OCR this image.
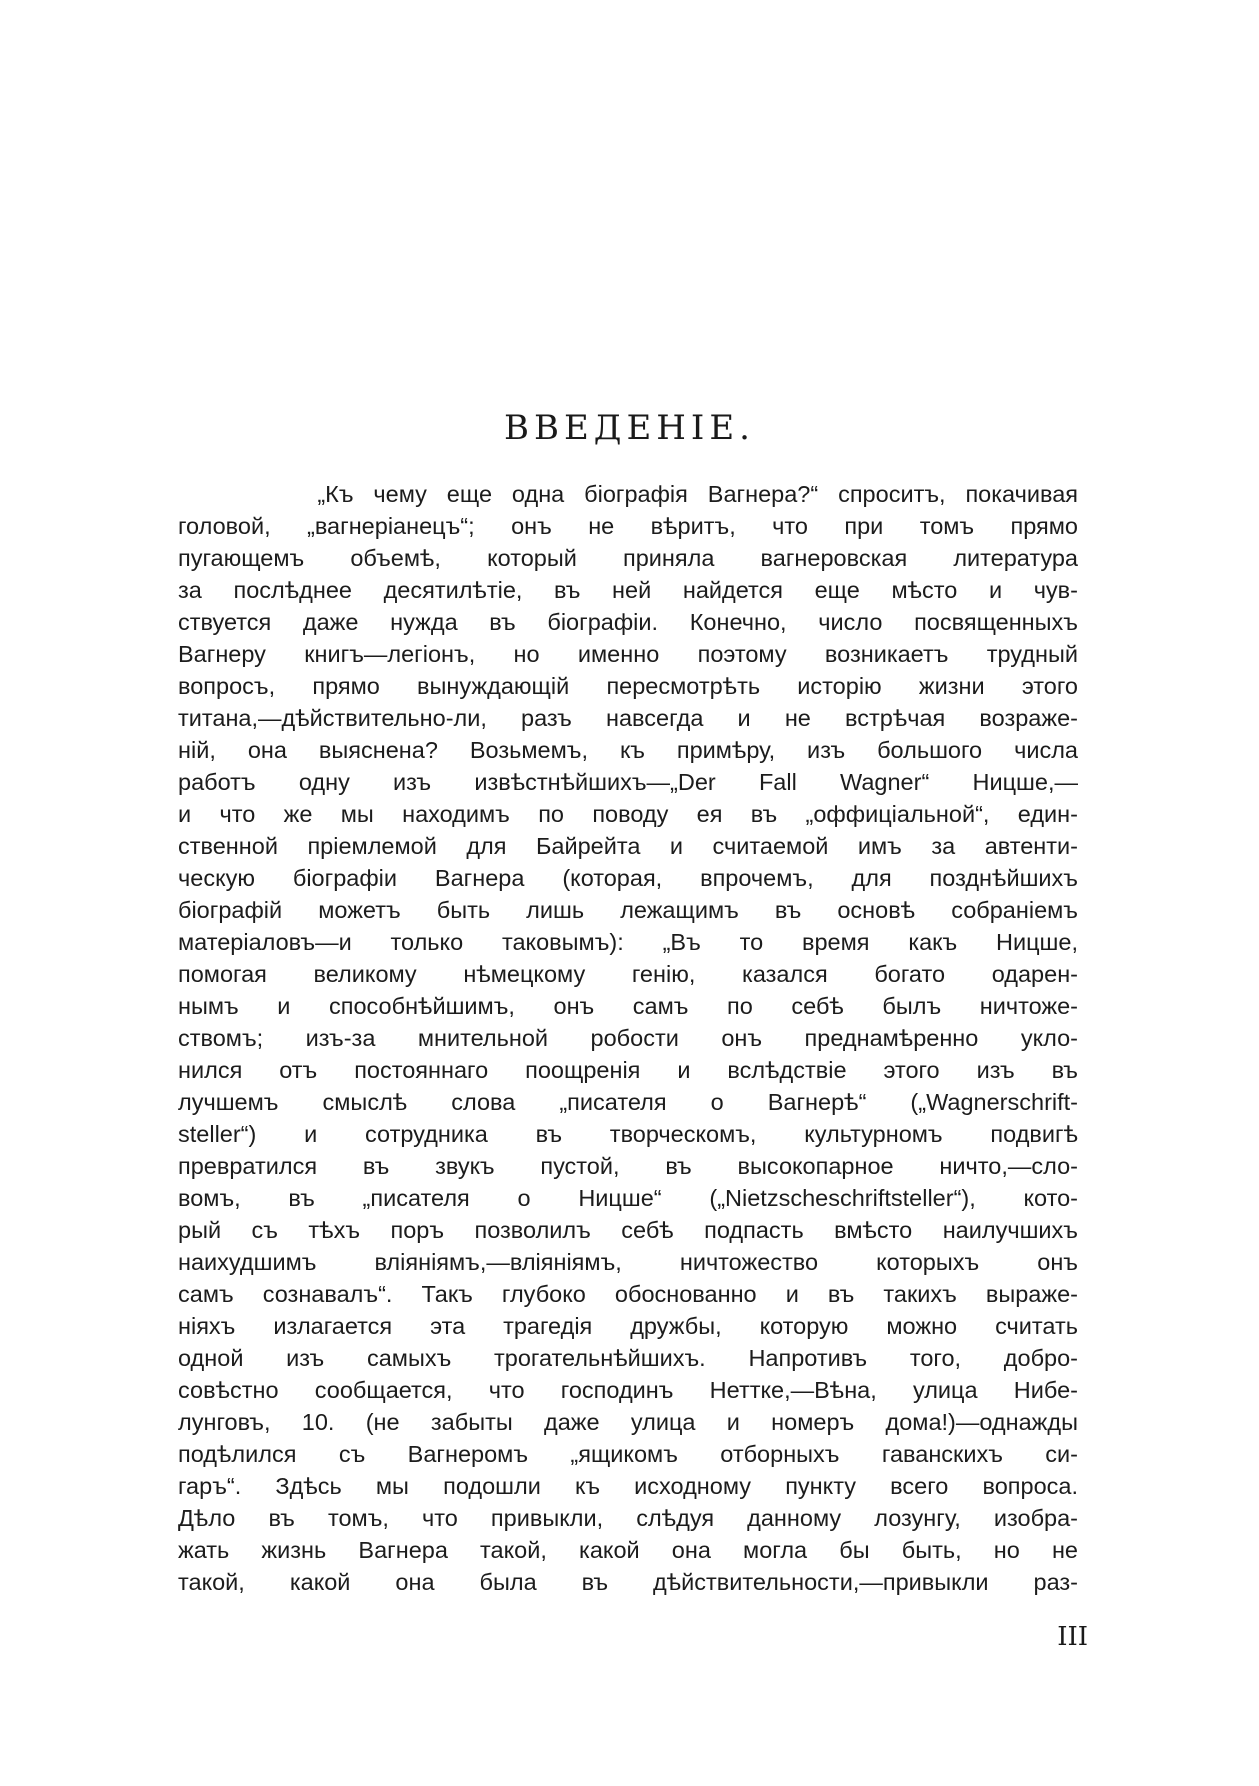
ВВЕДЕНІЕ.
„Къ чему еще одна біографія Вагнера?“ спроситъ, покачивая
головой, „вагнеріанецъ“; онъ не вѣритъ, что при томъ прямо
пугающемъ объемѣ, который приняла вагнеровская литература
за послѣднее десятилѣтіе, въ ней найдется еще мѣсто и чув-
ствуется даже нужда въ біографіи. Конечно, число посвященныхъ
Вагнеру книгъ—легіонъ, но именно поэтому возникаетъ трудный
вопросъ, прямо вынуждающій пересмотрѣть исторію жизни этого
титана,—дѣйствительно-ли, разъ навсегда и не встрѣчая возраже-
ній, она выяснена? Возьмемъ, къ примѣру, изъ большого числа
работъ одну изъ извѣстнѣйшихъ—„Der Fall Wagner“ Ницше,—
и что же мы находимъ по поводу ея въ „оффиціальной“, един-
ственной пріемлемой для Байрейта и считаемой имъ за автенти-
ческую біографіи Вагнера (которая, впрочемъ, для позднѣйшихъ
біографій можетъ быть лишь лежащимъ въ основѣ собраніемъ
матеріаловъ—и только таковымъ): „Въ то время какъ Ницше,
помогая великому нѣмецкому генію, казался богато одарен-
нымъ и способнѣйшимъ, онъ самъ по себѣ былъ ничтоже-
ствомъ; изъ-за мнительной робости онъ преднамѣренно укло-
нился отъ постояннаго поощренія и вслѣдствіе этого изъ въ
лучшемъ смыслѣ слова „писателя о Вагнерѣ“ („Wagnerschrift-
steller“) и сотрудника въ творческомъ, культурномъ подвигѣ
превратился въ звукъ пустой, въ высокопарное ничто,—сло-
вомъ, въ „писателя о Ницше“ („Nietzscheschriftsteller“), кото-
рый съ тѣхъ поръ позволилъ себѣ подпасть вмѣсто наилучшихъ
наихудшимъ вліяніямъ,—вліяніямъ, ничтожество которыхъ онъ
самъ сознавалъ“. Такъ глубоко обоснованно и въ такихъ выраже-
ніяхъ излагается эта трагедія дружбы, которую можно считать
одной изъ самыхъ трогательнѣйшихъ. Напротивъ того, добро-
совѣстно сообщается, что господинъ Неттке,—Вѣна, улица Нибе-
лунговъ, 10. (не забыты даже улица и номеръ дома!)—однажды
подѣлился съ Вагнеромъ „ящикомъ отборныхъ гаванскихъ си-
гаръ“. Здѣсь мы подошли къ исходному пункту всего вопроса.
Дѣло въ томъ, что привыкли, слѣдуя данному лозунгу, изобра-
жать жизнь Вагнера такой, какой она могла бы быть, но не
такой, какой она была въ дѣйствительности,—привыкли раз-
III
